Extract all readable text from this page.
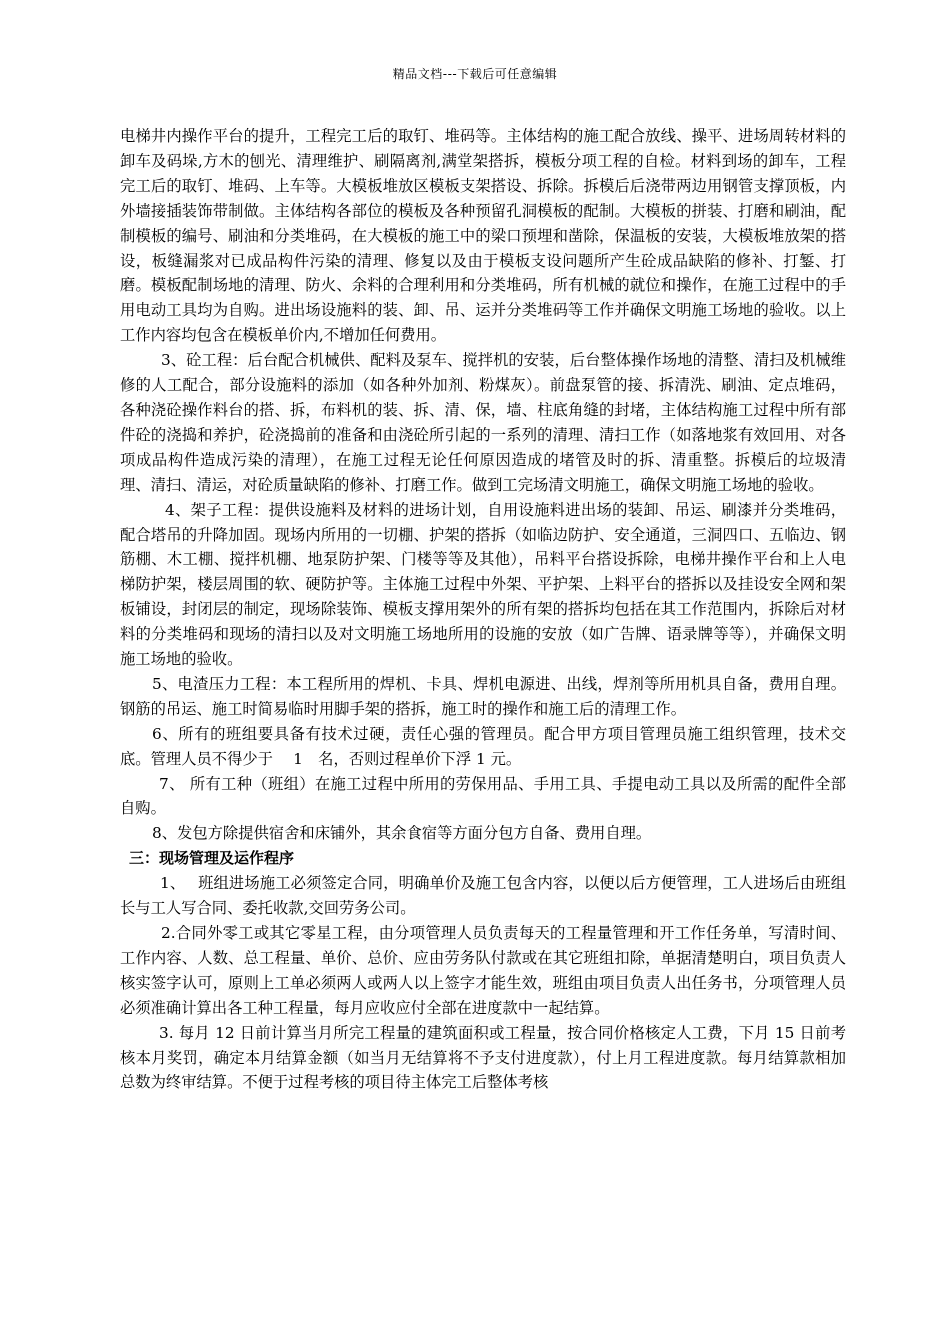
精品文档---下载后可任意编辑

电梯井内操作平台的提升，工程完工后的取钉、堆码等。主体结构的施工配合放线、操平、进场周转材料的卸车及码垛,方木的刨光、清理维护、刷隔离剂,满堂架搭拆，模板分项工程的自检。材料到场的卸车，工程完工后的取钉、堆码、上车等。大模板堆放区模板支架搭设、拆除。拆模后后浇带两边用钢管支撑顶板，内外墙接插装饰带制做。主体结构各部位的模板及各种预留孔洞模板的配制。大模板的拼装、打磨和刷油，配制模板的编号、刷油和分类堆码，在大模板的施工中的梁口预埋和凿除，保温板的安装，大模板堆放架的搭设，板缝漏浆对已成品构件污染的清理、修复以及由于模板支设问题所产生砼成品缺陷的修补、打錾、打磨。模板配制场地的清理、防火、余料的合理利用和分类堆码，所有机械的就位和操作，在施工过程中的手用电动工具均为自购。进出场设施料的装、卸、吊、运并分类堆码等工作并确保文明施工场地的验收。以上工作内容均包含在模板单价内,不增加任何费用。

3、砼工程：后台配合机械供、配料及泵车、搅拌机的安装，后台整体操作场地的清整、清扫及机械维修的人工配合，部分设施料的添加（如各种外加剂、粉煤灰）。前盘泵管的接、拆清洗、刷油、定点堆码，各种浇砼操作料台的搭、拆，布料机的装、拆、清、保，墙、柱底角缝的封堵，主体结构施工过程中所有部件砼的浇捣和养护，砼浇捣前的准备和由浇砼所引起的一系列的清理、清扫工作（如落地浆有效回用、对各项成品构件造成污染的清理），在施工过程无论任何原因造成的堵管及时的拆、清重整。拆模后的垃圾清理、清扫、清运，对砼质量缺陷的修补、打磨工作。做到工完场清文明施工，确保文明施工场地的验收。

4、架子工程：提供设施料及材料的进场计划，自用设施料进出场的装卸、吊运、刷漆并分类堆码，配合塔吊的升降加固。现场内所用的一切棚、护架的搭拆（如临边防护、安全通道，三洞四口、五临边、钢筋棚、木工棚、搅拌机棚、地泵防护架、门楼等等及其他），吊料平台搭设拆除，电梯井操作平台和上人电梯防护架，楼层周围的软、硬防护等。主体施工过程中外架、平护架、上料平台的搭拆以及挂设安全网和架板铺设，封闭层的制定，现场除装饰、模板支撑用架外的所有架的搭拆均包括在其工作范围内，拆除后对材料的分类堆码和现场的清扫以及对文明施工场地所用的设施的安放（如广告牌、语录牌等等），并确保文明施工场地的验收。

5、电渣压力工程：本工程所用的焊机、卡具、焊机电源进、出线，焊剂等所用机具自备，费用自理。钢筋的吊运、施工时简易临时用脚手架的搭拆，施工时的操作和施工后的清理工作。

6、所有的班组要具备有技术过硬，责任心强的管理员。配合甲方项目管理员施工组织管理，技术交底。管理人员不得少于　 1　名，否则过程单价下浮 1 元。

7、 所有工种（班组）在施工过程中所用的劳保用品、手用工具、手提电动工具以及所需的配件全部自购。

8、发包方除提供宿舍和床铺外，其余食宿等方面分包方自备、费用自理。

三：现场管理及运作程序

1、　 班组进场施工必须签定合同，明确单价及施工包含内容，以便以后方便管理，工人进场后由班组长与工人写合同、委托收款,交回劳务公司。

2.合同外零工或其它零星工程，由分项管理人员负责每天的工程量管理和开工作任务单，写清时间、工作内容、人数、总工程量、单价、总价、应由劳务队付款或在其它班组扣除，单据清楚明白，项目负责人核实签字认可，原则上工单必须两人或两人以上签字才能生效，班组由项目负责人出任务书，分项管理人员必须准确计算出各工种工程量，每月应收应付全部在进度款中一起结算。

3. 每月 12 日前计算当月所完工程量的建筑面积或工程量，按合同价格核定人工费，下月 15 日前考核本月奖罚，确定本月结算金额（如当月无结算将不予支付进度款），付上月工程进度款。每月结算款相加总数为终审结算。不便于过程考核的项目待主体完工后整体考核
